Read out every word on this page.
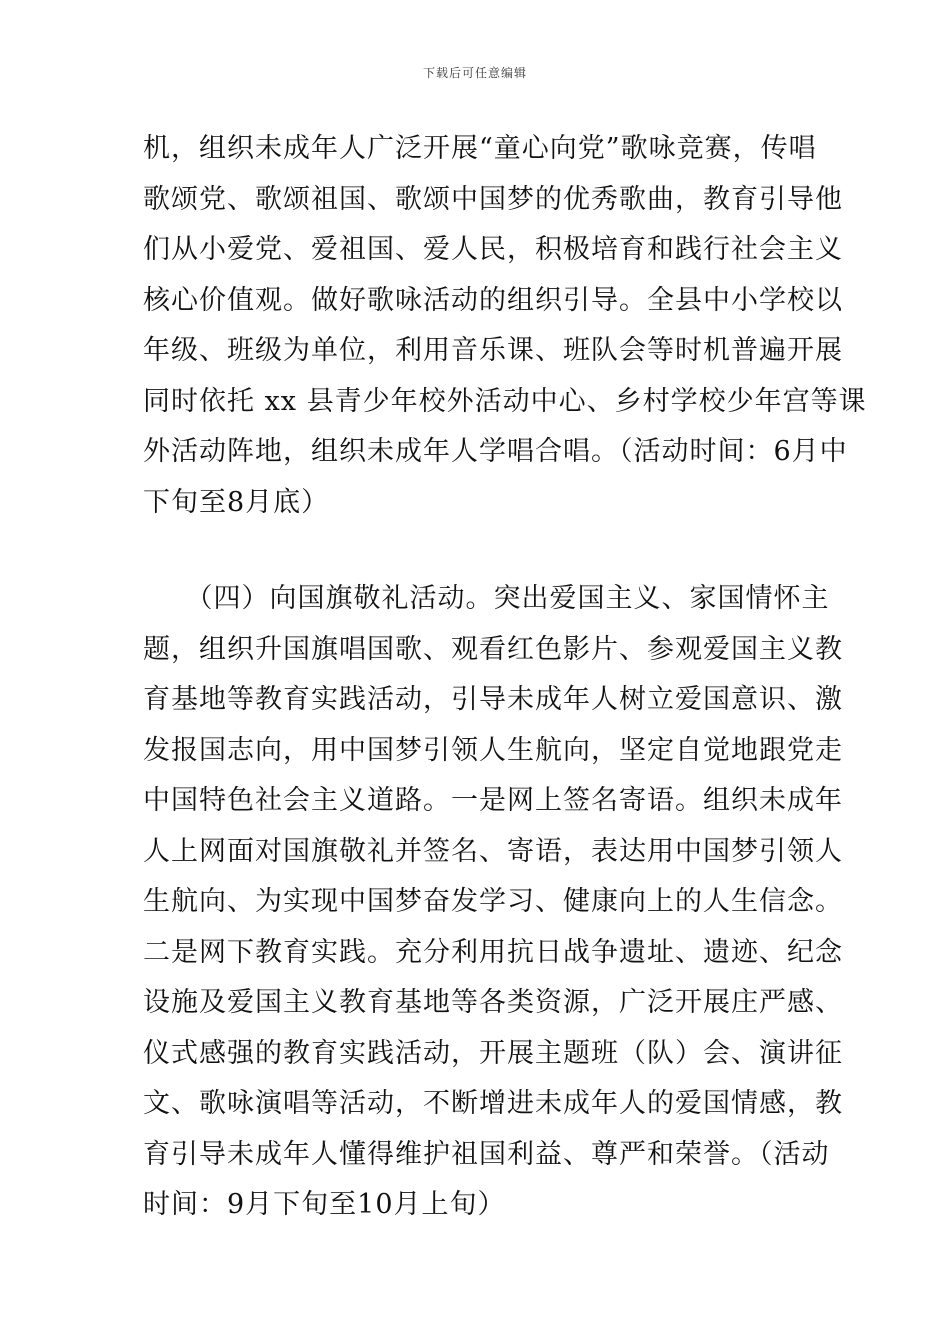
下载后可任意编辑
机，组织未成年人广泛开展“童心向党”歌咏竞赛，传唱
歌颂党、歌颂祖国、歌颂中国梦的优秀歌曲，教育引导他
们从小爱党、爱祖国、爱人民，积极培育和践行社会主义
核心价值观。做好歌咏活动的组织引导。全县中小学校以
年级、班级为单位，利用音乐课、班队会等时机普遍开展
同时依托 xx 县青少年校外活动中心、乡村学校少年宫等课
外活动阵地，组织未成年人学唱合唱。（活动时间：6月中
下旬至8月底）
　　（四）向国旗敬礼活动。突出爱国主义、家国情怀主
题，组织升国旗唱国歌、观看红色影片、参观爱国主义教
育基地等教育实践活动，引导未成年人树立爱国意识、激
发报国志向，用中国梦引领人生航向，坚定自觉地跟党走
中国特色社会主义道路。一是网上签名寄语。组织未成年
人上网面对国旗敬礼并签名、寄语，表达用中国梦引领人
生航向、为实现中国梦奋发学习、健康向上的人生信念。
二是网下教育实践。充分利用抗日战争遗址、遗迹、纪念
设施及爱国主义教育基地等各类资源，广泛开展庄严感、
仪式感强的教育实践活动，开展主题班（队）会、演讲征
文、歌咏演唱等活动，不断增进未成年人的爱国情感，教
育引导未成年人懂得维护祖国利益、尊严和荣誉。（活动
时间：9月下旬至10月上旬）
